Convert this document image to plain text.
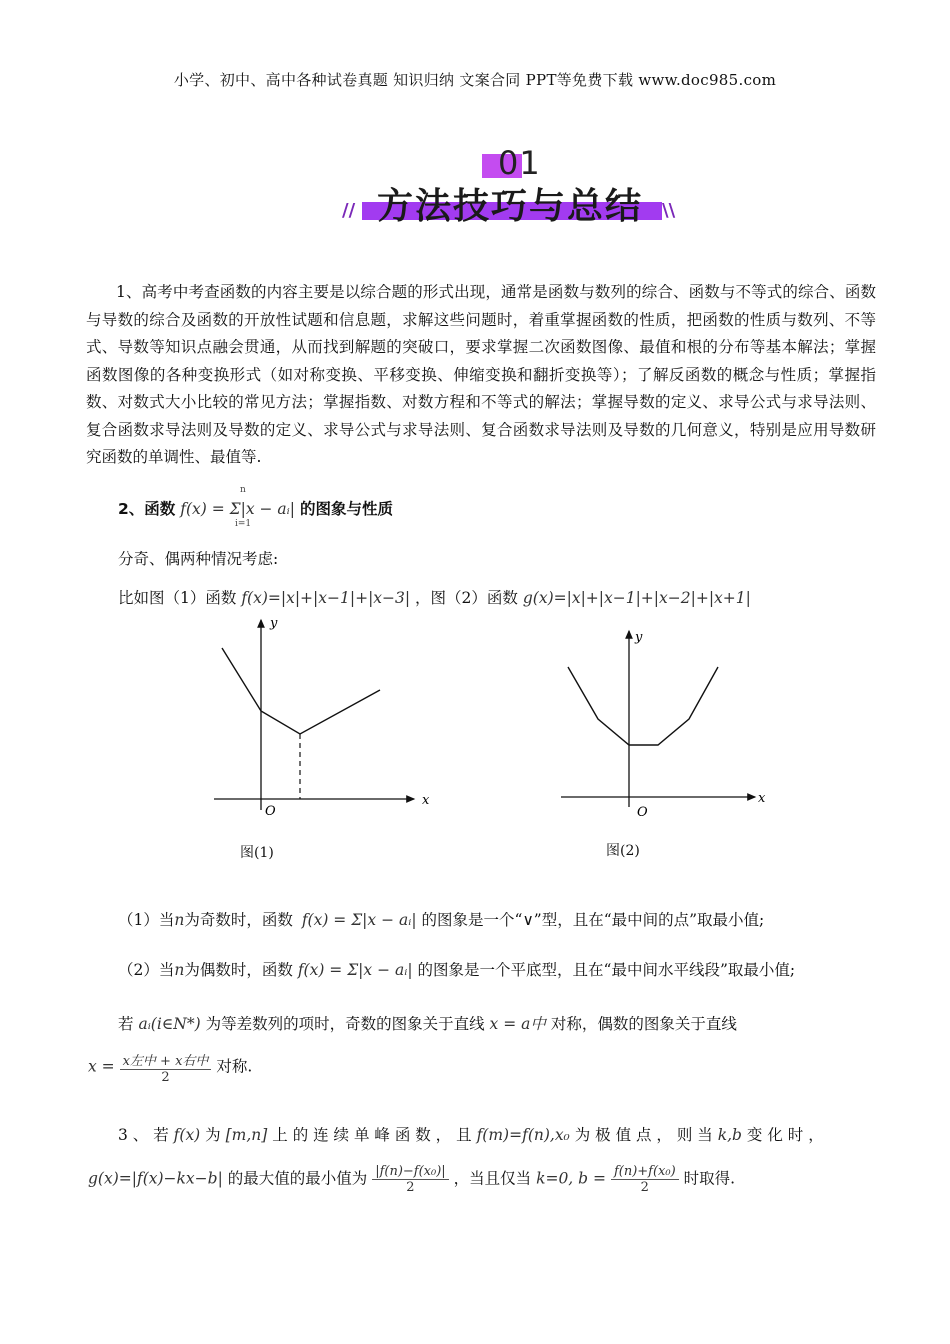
小学、初中、高中各种试卷真题 知识归纳 文案合同 PPT等免费下载 www.doc985.com
01
// 方法技巧与总结	\\
1、高考中考查函数的内容主要是以综合题的形式出现，通常是函数与数列的综合、函数与不等式的综合、函数与导数的综合及函数的开放性试题和信息题，求解这些问题时，着重掌握函数的性质，把函数的性质与数列、不等式、导数等知识点融会贯通，从而找到解题的突破口，要求掌握二次函数图像、最值和根的分布等基本解法；掌握函数图像的各种变换形式（如对称变换、平移变换、伸缩变换和翻折变换等）；了解反函数的概念与性质；掌握指数、对数式大小比较的常见方法；掌握指数、对数方程和不等式的解法；掌握导数的定义、求导公式与求导法则、复合函数求导法则及导数的定义、求导公式与求导法则、复合函数求导法则及导数的几何意义，特别是应用导数研究函数的单调性、最值等.
2、函数 f(x) = Σ|x − aᵢ| 的图象与性质
n
i=1
分奇、偶两种情况考虑:
比如图（1）函数 f(x)=|x|+|x−1|+|x−3| ，图（2）函数 g(x)=|x|+|x−1|+|x−2|+|x+1|
y
x
O
图(1)
y
x
O
图(2)
（1）当n为奇数时，函数 f(x) = Σ|x − aᵢ| 的图象是一个“∨”型，且在“最中间的点”取最小值;
（2）当n为偶数时，函数 f(x) = Σ|x − aᵢ| 的图象是一个平底型，且在“最中间水平线段”取最小值;
若 aᵢ(i∈N*) 为等差数列的项时，奇数的图象关于直线 x = a中 对称，偶数的图象关于直线
$x = \frac{\text{x左中 + x右中}}{2}$ 对称.
3 、 若 f(x) 为 [m,n] 上 的 连 续 单 峰 函 数 ， 且 f(m)=f(n),x₀ 为 极 值 点 ， 则 当 k,b 变 化 时 ，
g(x)=|f(x)−kx−b| 的最大值的最小值为 $\frac{\text{|f(n)−f(x₀)|}}{2}$ ，当且仅当 k=0, $b = \frac{\text{f(n)+f(x₀)}}{2}$ 时取得.
